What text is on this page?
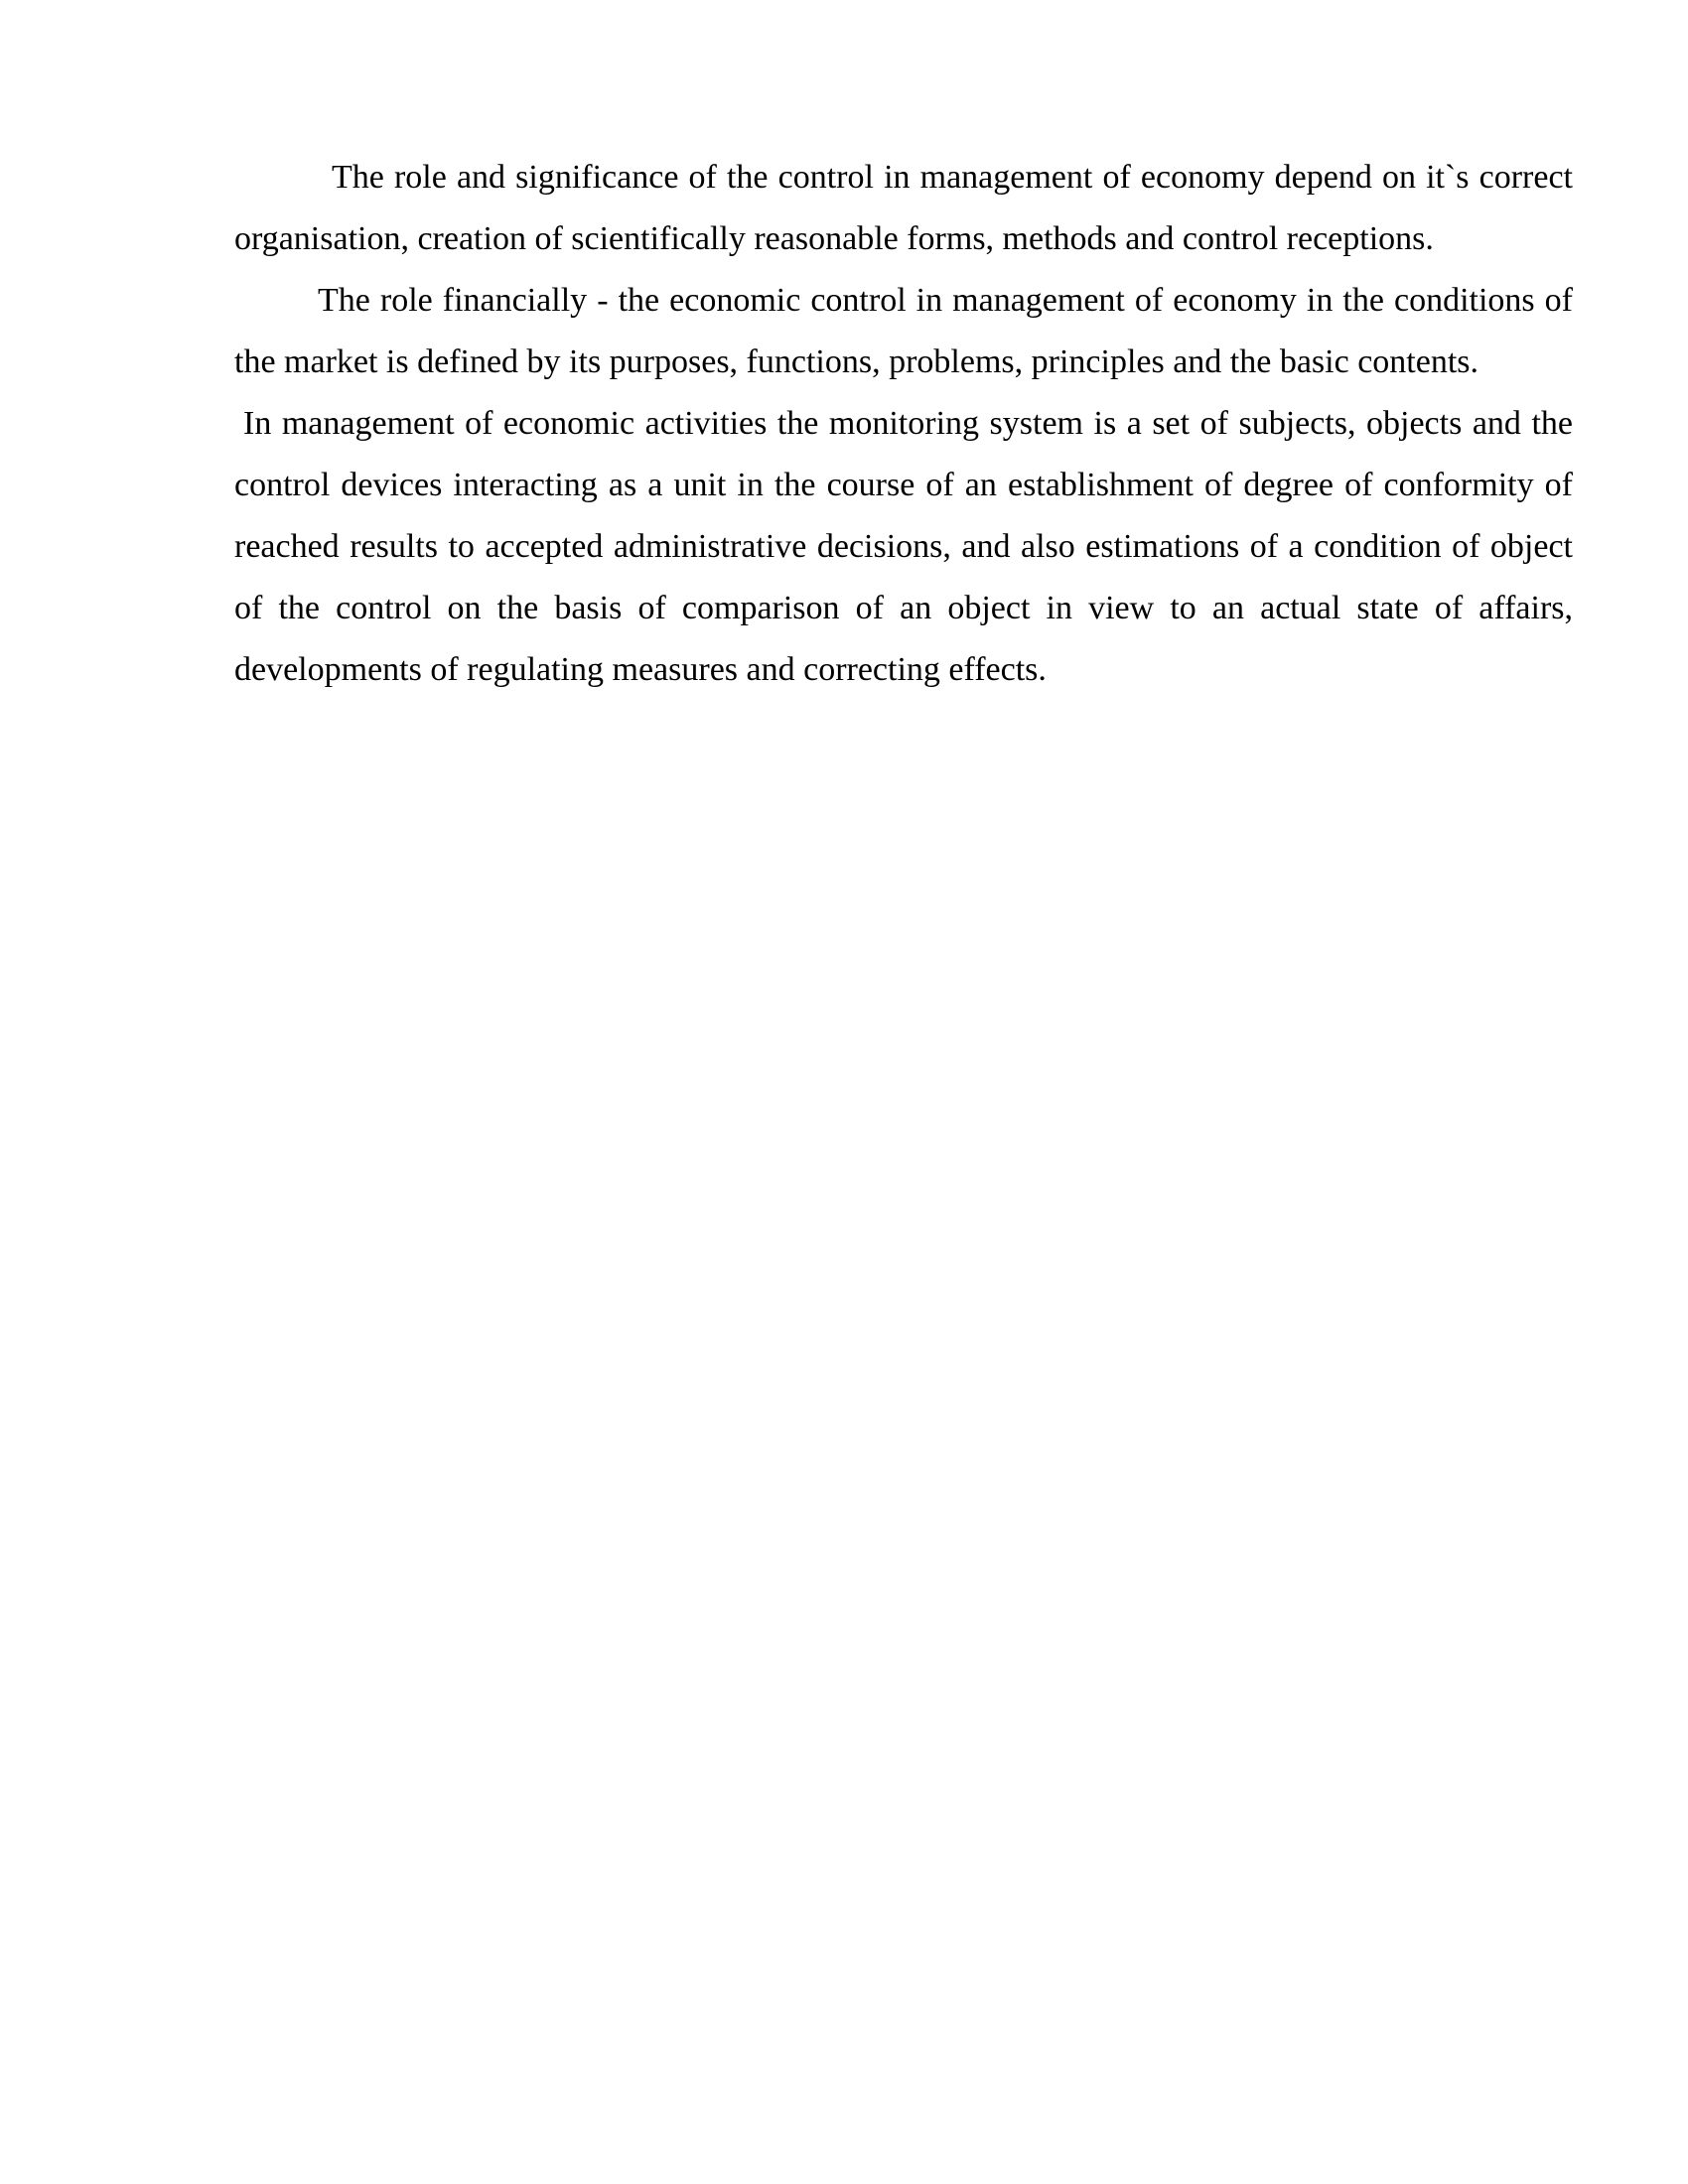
The role and significance of the control in management of economy depend on it`s correct organisation, creation of scientifically reasonable forms, methods and control receptions.

The role financially - the economic control in management of economy in the conditions of the market is defined by its purposes, functions, problems, principles and the basic contents.

In management of economic activities the monitoring system is a set of subjects, objects and the control devices interacting as a unit in the course of an establishment of degree of conformity of reached results to accepted administrative decisions, and also estimations of a condition of object of the control on the basis of comparison of an object in view to an actual state of affairs, developments of regulating measures and correcting effects.
